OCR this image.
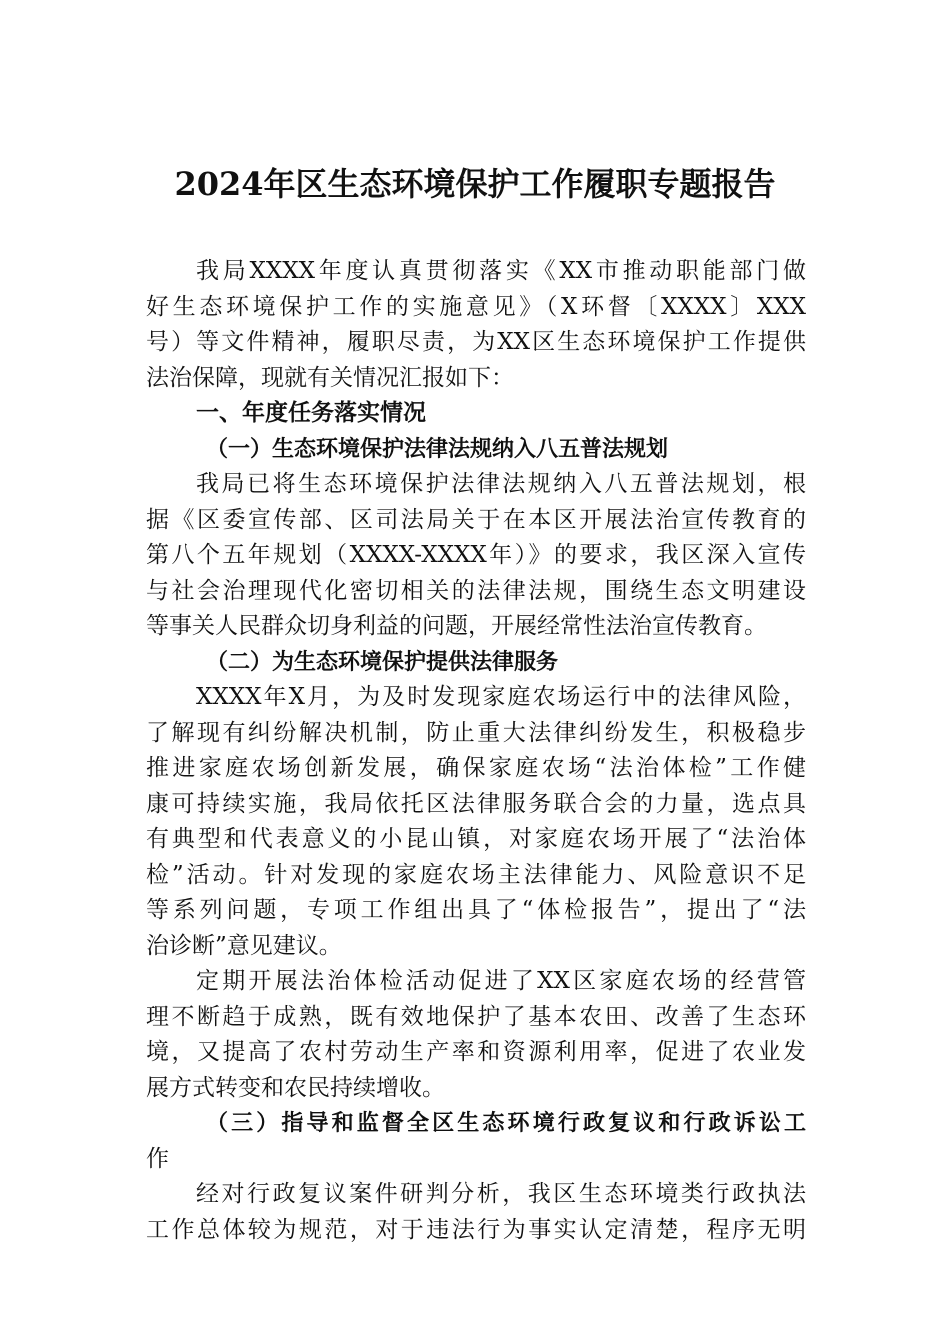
2024年区生态环境保护工作履职专题报告
我局XXXX年度认真贯彻落实《XX市推动职能部门做
好生态环境保护工作的实施意见》（X环督〔XXXX〕XXX
号）等文件精神，履职尽责，为XX区生态环境保护工作提供
法治保障，现就有关情况汇报如下：
一、年度任务落实情况
（一）生态环境保护法律法规纳入八五普法规划
我局已将生态环境保护法律法规纳入八五普法规划，根
据《区委宣传部、区司法局关于在本区开展法治宣传教育的
第八个五年规划（XXXX-XXXX年）》的要求，我区深入宣传
与社会治理现代化密切相关的法律法规，围绕生态文明建设
等事关人民群众切身利益的问题，开展经常性法治宣传教育。
（二）为生态环境保护提供法律服务
XXXX年X月，为及时发现家庭农场运行中的法律风险，
了解现有纠纷解决机制，防止重大法律纠纷发生，积极稳步
推进家庭农场创新发展，确保家庭农场“法治体检”工作健
康可持续实施，我局依托区法律服务联合会的力量，选点具
有典型和代表意义的小昆山镇，对家庭农场开展了“法治体
检”活动。针对发现的家庭农场主法律能力、风险意识不足
等系列问题，专项工作组出具了“体检报告”，提出了“法
治诊断”意见建议。
定期开展法治体检活动促进了XX区家庭农场的经营管
理不断趋于成熟，既有效地保护了基本农田、改善了生态环
境，又提高了农村劳动生产率和资源利用率，促进了农业发
展方式转变和农民持续增收。
（三）指导和监督全区生态环境行政复议和行政诉讼工
作
经对行政复议案件研判分析，我区生态环境类行政执法
工作总体较为规范，对于违法行为事实认定清楚，程序无明
